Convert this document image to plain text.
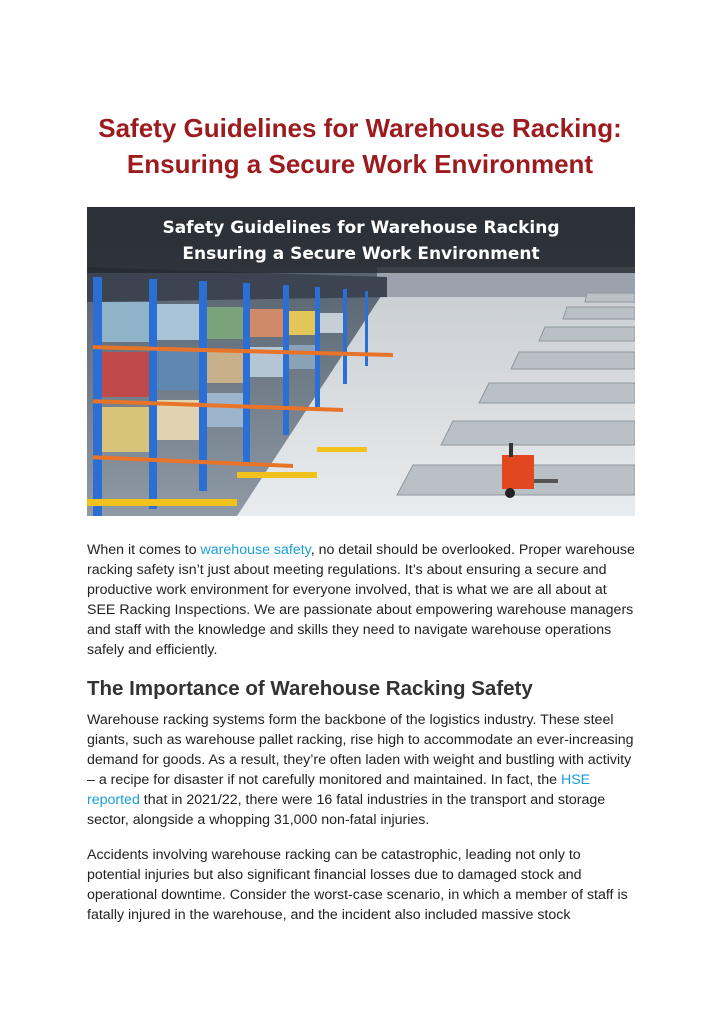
Safety Guidelines for Warehouse Racking:
Ensuring a Secure Work Environment
Safety Guidelines for Warehouse Racking
Ensuring a Secure Work Environment

When it comes to warehouse safety, no detail should be overlooked. Proper warehouse racking safety isn’t just about meeting regulations. It’s about ensuring a secure and productive work environment for everyone involved, that is what we are all about at SEE Racking Inspections. We are passionate about empowering warehouse managers and staff with the knowledge and skills they need to navigate warehouse operations safely and efficiently.

The Importance of Warehouse Racking Safety

Warehouse racking systems form the backbone of the logistics industry. These steel giants, such as warehouse pallet racking, rise high to accommodate an ever-increasing demand for goods. As a result, they’re often laden with weight and bustling with activity – a recipe for disaster if not carefully monitored and maintained. In fact, the HSE reported that in 2021/22, there were 16 fatal industries in the transport and storage sector, alongside a whopping 31,000 non-fatal injuries.

Accidents involving warehouse racking can be catastrophic, leading not only to potential injuries but also significant financial losses due to damaged stock and operational downtime. Consider the worst-case scenario, in which a member of staff is fatally injured in the warehouse, and the incident also included massive stock
